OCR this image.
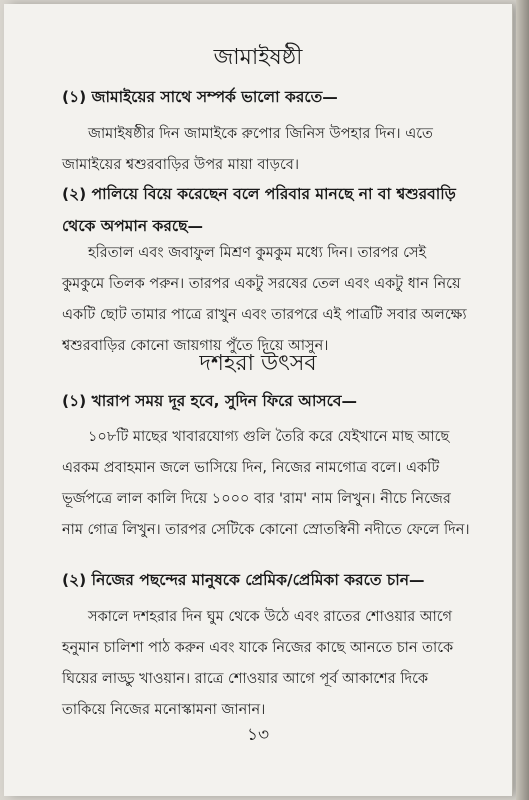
জামাইষষ্ঠী
(১) জামাইয়ের সাথে সম্পর্ক ভালো করতে—
জামাইষষ্ঠীর দিন জামাইকে রুপোর জিনিস উপহার দিন। এতে জামাইয়ের শ্বশুরবাড়ির উপর মায়া বাড়বে।
(২) পালিয়ে বিয়ে করেছেন বলে পরিবার মানছে না বা শ্বশুরবাড়ি থেকে অপমান করছে—
হরিতাল এবং জবাফুল মিশ্রণ কুমকুম মধ্যে দিন। তারপর সেই কুমকুমে তিলক পরুন। তারপর একটু সরষের তেল এবং একটু ধান নিয়ে একটি ছোট তামার পাত্রে রাখুন এবং তারপরে এই পাত্রটি সবার অলক্ষ্যে শ্বশুরবাড়ির কোনো জায়গায় পুঁতে দিয়ে আসুন।
দশহরা উৎসব
(১) খারাপ সময় দূর হবে, সুদিন ফিরে আসবে—
১০৮টি মাছের খাবারযোগ্য গুলি তৈরি করে যেইখানে মাছ আছে এরকম প্রবাহমান জলে ভাসিয়ে দিন, নিজের নামগোত্র বলে। একটি ভূর্জপত্রে লাল কালি দিয়ে ১০০০ বার 'রাম' নাম লিখুন। নীচে নিজের নাম গোত্র লিখুন। তারপর সেটিকে কোনো স্রোতস্বিনী নদীতে ফেলে দিন।
(২) নিজের পছন্দের মানুষকে প্রেমিক/প্রেমিকা করতে চান—
সকালে দশহরার দিন ঘুম থেকে উঠে এবং রাতের শোওয়ার আগে হনুমান চালিশা পাঠ করুন এবং যাকে নিজের কাছে আনতে চান তাকে ঘিয়ের লাড্ডু খাওয়ান। রাত্রে শোওয়ার আগে পূর্ব আকাশের দিকে তাকিয়ে নিজের মনোস্কামনা জানান।
১৩
